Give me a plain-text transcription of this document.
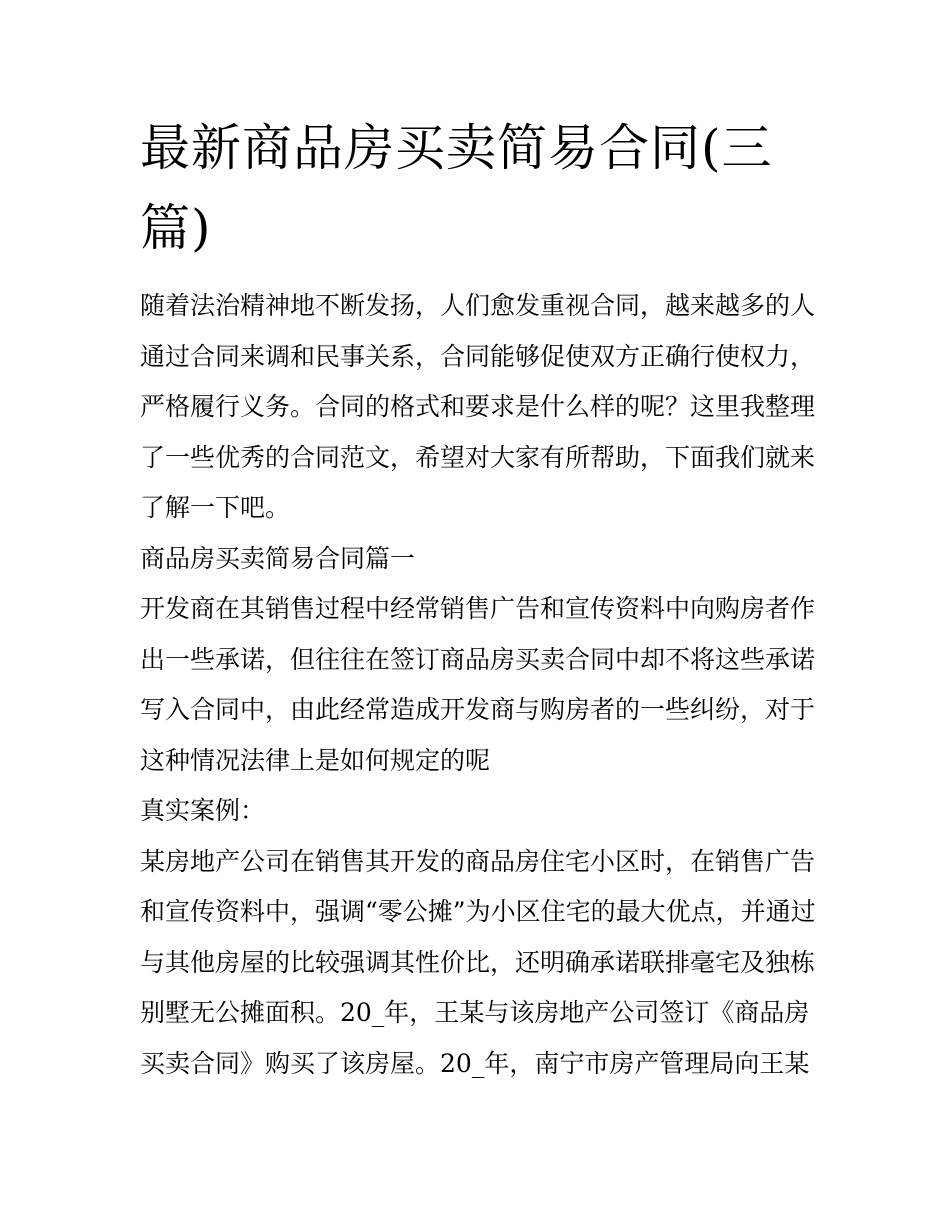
最新商品房买卖简易合同(三
篇)
随着法治精神地不断发扬，人们愈发重视合同，越来越多的人
通过合同来调和民事关系，合同能够促使双方正确行使权力，
严格履行义务。合同的格式和要求是什么样的呢？这里我整理
了一些优秀的合同范文，希望对大家有所帮助，下面我们就来
了解一下吧。
商品房买卖简易合同篇一
开发商在其销售过程中经常销售广告和宣传资料中向购房者作
出一些承诺，但往往在签订商品房买卖合同中却不将这些承诺
写入合同中，由此经常造成开发商与购房者的一些纠纷，对于
这种情况法律上是如何规定的呢
真实案例：
某房地产公司在销售其开发的商品房住宅小区时，在销售广告
和宣传资料中，强调“零公摊”为小区住宅的最大优点，并通过
与其他房屋的比较强调其性价比，还明确承诺联排毫宅及独栋
别墅无公摊面积。20_年，王某与该房地产公司签订《商品房
买卖合同》购买了该房屋。20_年，南宁市房产管理局向王某
